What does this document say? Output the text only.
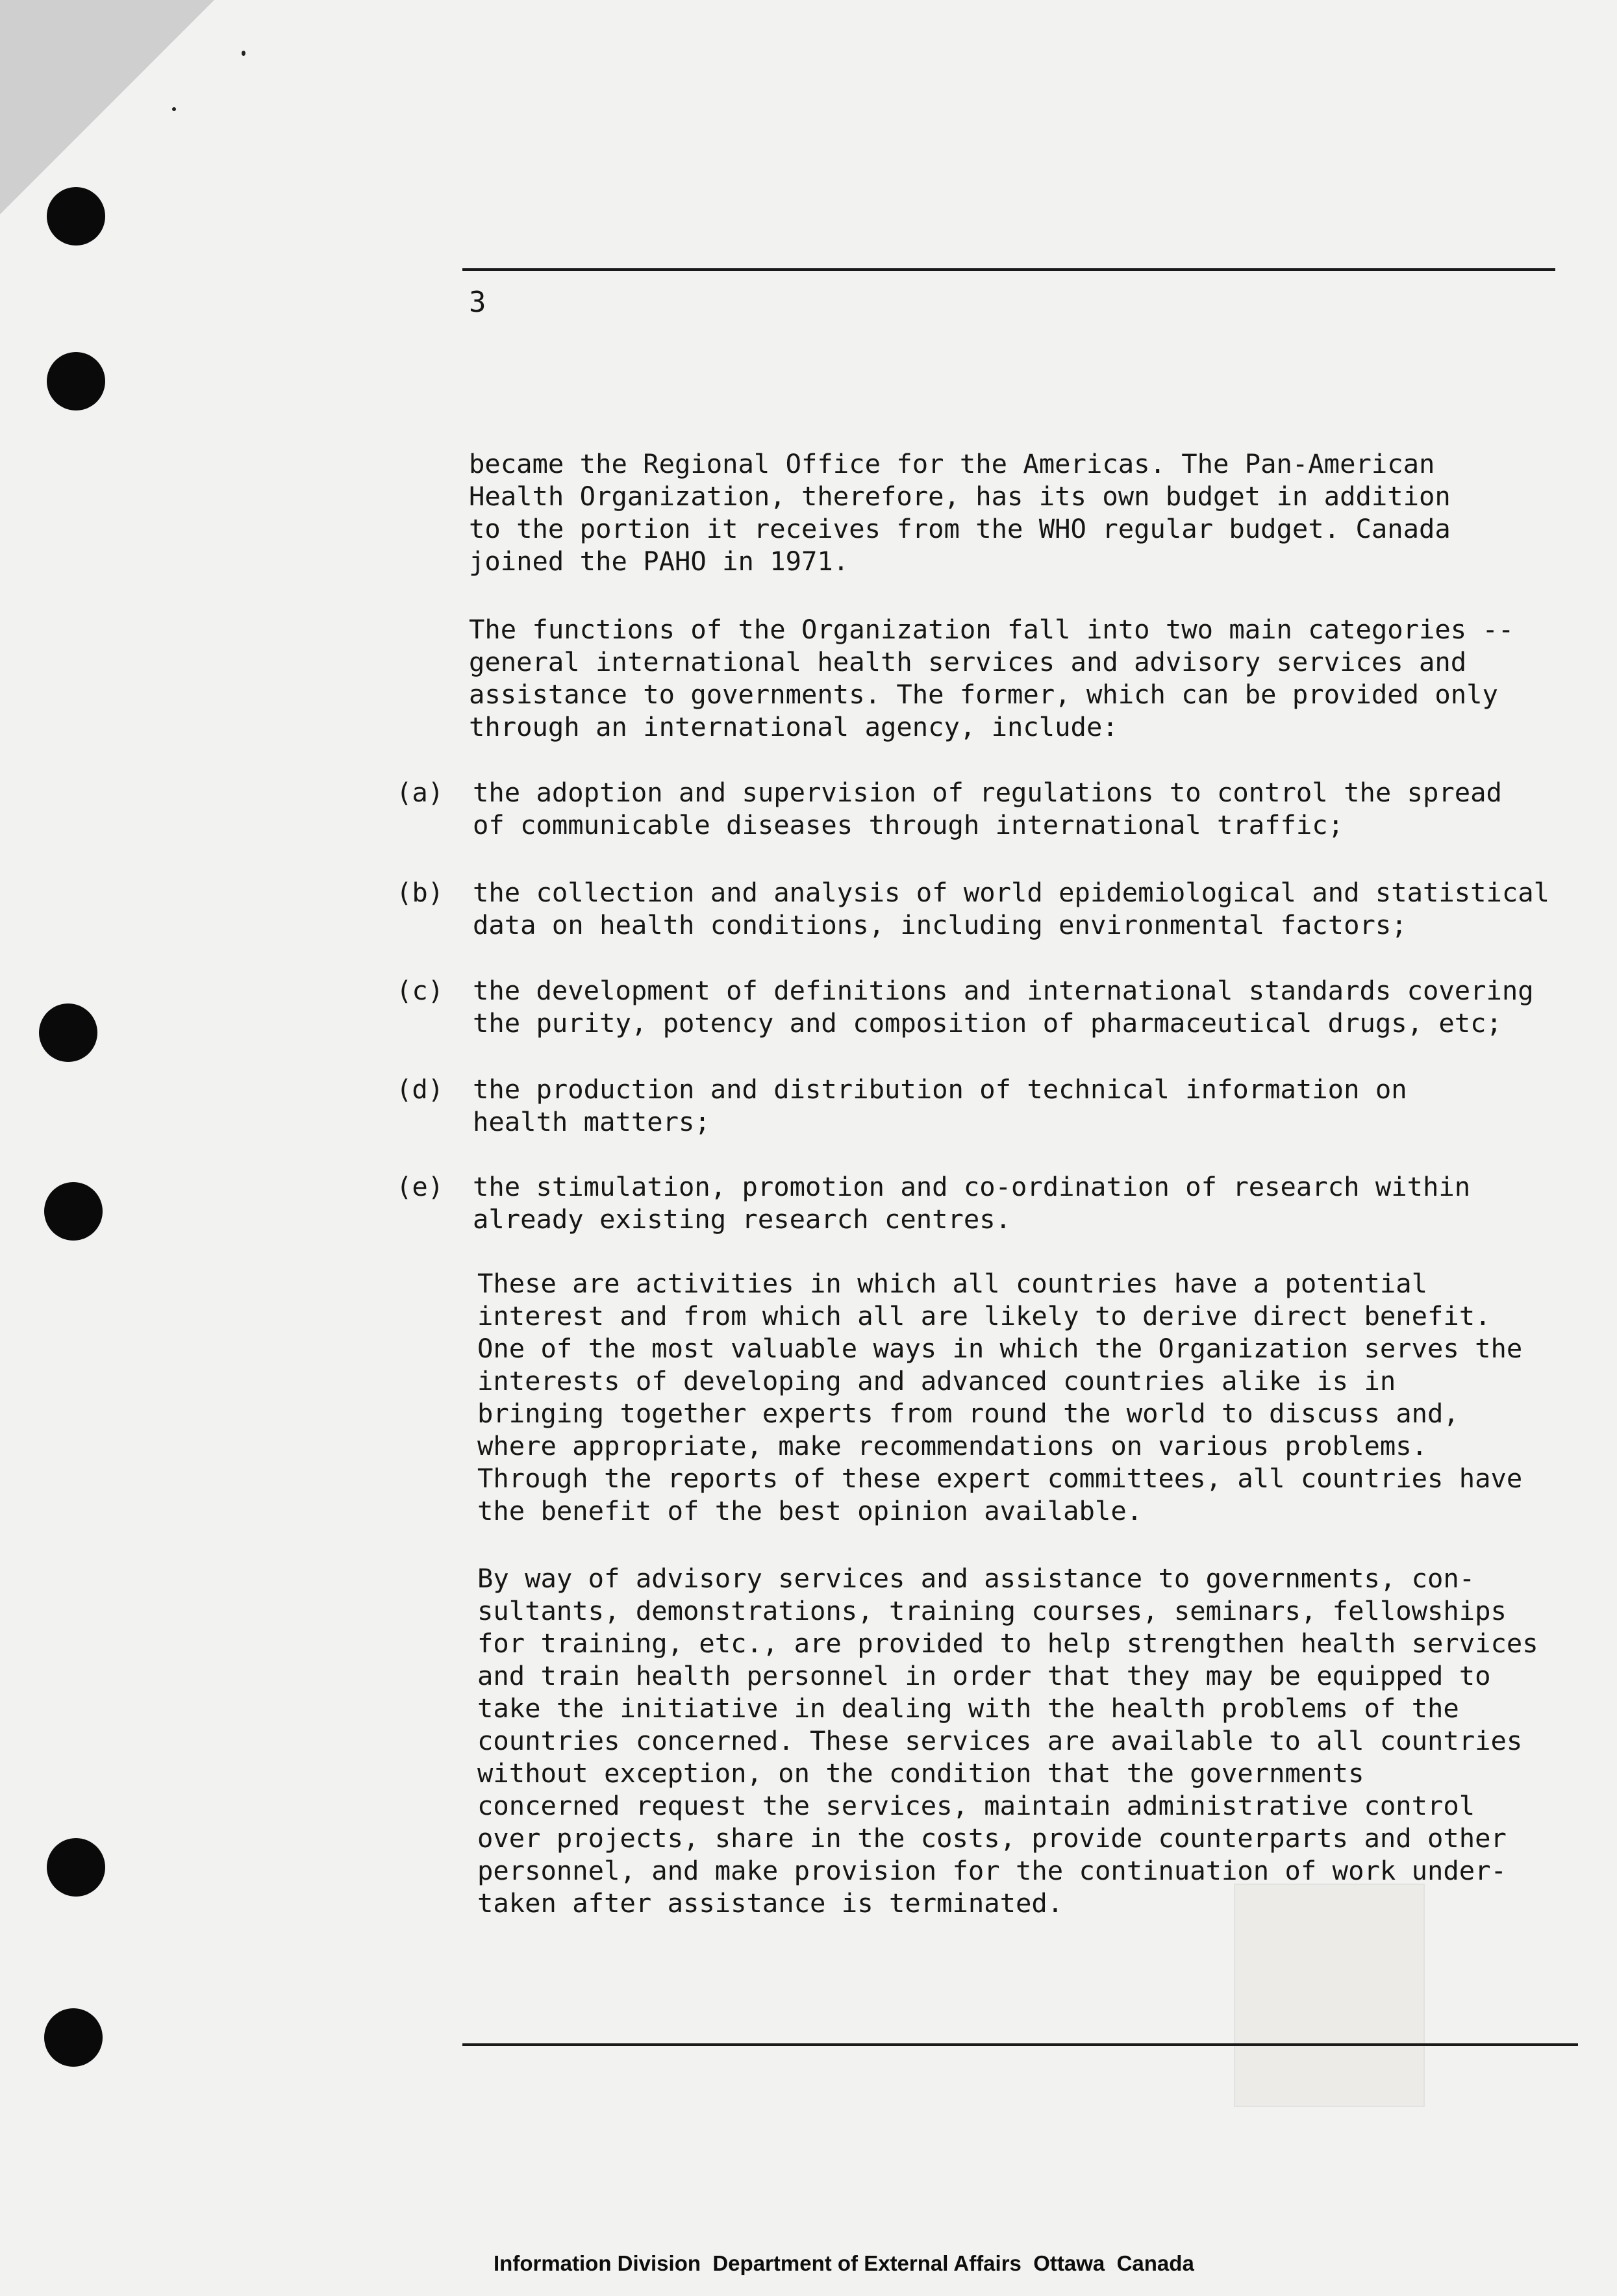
3
became the Regional Office for the Americas. The Pan-American
Health Organization, therefore, has its own budget in addition
to the portion it receives from the WHO regular budget. Canada
joined the PAHO in 1971.
The functions of the Organization fall into two main categories --
general international health services and advisory services and
assistance to governments. The former, which can be provided only
through an international agency, include:
(a) the adoption and supervision of regulations to control the spread
of communicable diseases through international traffic;
(b) the collection and analysis of world epidemiological and statistical
data on health conditions, including environmental factors;
(c) the development of definitions and international standards covering
the purity, potency and composition of pharmaceutical drugs, etc;
(d) the production and distribution of technical information on
health matters;
(e) the stimulation, promotion and co-ordination of research within
already existing research centres.
These are activities in which all countries have a potential
interest and from which all are likely to derive direct benefit.
One of the most valuable ways in which the Organization serves the
interests of developing and advanced countries alike is in
bringing together experts from round the world to discuss and,
where appropriate, make recommendations on various problems.
Through the reports of these expert committees, all countries have
the benefit of the best opinion available.
By way of advisory services and assistance to governments, con-
sultants, demonstrations, training courses, seminars, fellowships
for training, etc., are provided to help strengthen health services
and train health personnel in order that they may be equipped to
take the initiative in dealing with the health problems of the
countries concerned. These services are available to all countries
without exception, on the condition that the governments
concerned request the services, maintain administrative control
over projects, share in the costs, provide counterparts and other
personnel, and make provision for the continuation of work under-
taken after assistance is terminated.
Information Division  Department of External Affairs  Ottawa  Canada
